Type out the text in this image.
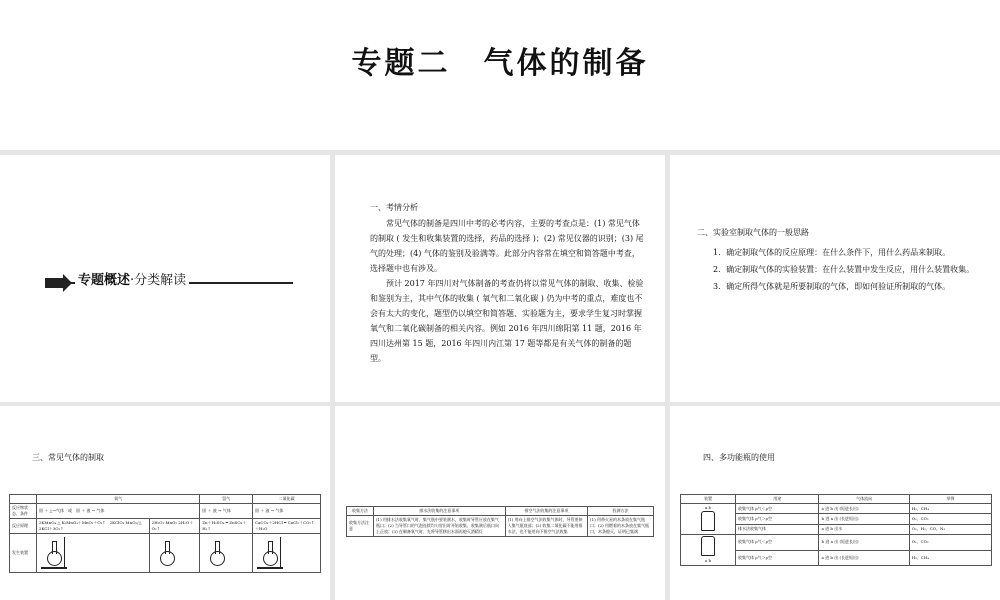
专题二　气体的制备
专题概述·分类解读
一、考情分析

常见气体的制备是四川中考的必考内容，主要的考查点是：(1) 常见气体的制取 ( 发生和收集装置的选择，药品的选择 )；(2) 常见仪器的识别；(3) 尾气的处理；(4) 气体的鉴别及验满等。此部分内容常在填空和简答题中考查，选择题中也有涉及。

预计 2017 年四川对气体制备的考查仍将以常见气体的制取、收集、检验和鉴别为主，其中气体的收集 ( 氧气和二氧化碳 ) 仍为中考的重点，难度也不会有太大的变化，题型仍以填空和简答题、实验题为主，要求学生复习时掌握氧气和二氧化碳制备的相关内容。例如 2016 年四川绵阳第 11 题，2016 年四川达州第 15 题，2016 年四川内江第 17 题等都是有关气体的制备的题型。

二、实验室制取气体的一般思路

1．确定制取气体的反应原理：在什么条件下，用什么药品来制取。

2．确定制取气体的实验装置：在什么装置中发生反应，用什么装置收集。

3．确定所得气体就是所要制取的气体，即如何验证所制取的气体。

三、常见气体的制取
	氧气		氢气	二氧化碳
反应物状态、条件	固 ＋ △→气体　或　固 ＋ 液 → 气体		固 ＋ 液 → 气体	固 ＋ 液 → 气体
反应原理	2KMnO₄ △ K₂MnO₄＋MnO₂＋O₂↑　2KClO₃ MnO₂/△ 2KCl＋3O₂↑	2H₂O₂ MnO₂ 2H₂O＋O₂↑	Zn＋H₂SO₄ ═ ZnSO₄＋H₂↑	CaCO₃＋2HCl ═ CaCl₂＋CO₂↑＋H₂O
发生装置	

收集方法	排水法收集的注意事项	排空气法收集的注意事项	验满方法
收集方法注意	(1) 用排水法收集氧气时，集气瓶中要装满水，收集时导管应放在集气瓶口；(2) 当导管口的气泡连续均匀冒出时开始收集，收集满后瓶口向上正放；(3) 在制备氧气时，先将导管移出水面再熄灭酒精灯	(1) 用向上排空气法收集气体时，导管要伸入集气瓶底部；(2) 收集二氧化碳不能用排水法，也不能用向下排空气法收集	(1) 用带火星的木条放在集气瓶口；(2) 用燃着的木条放在集气瓶口，木条熄灭，证明已集满
四、多功能瓶的使用
装置	用途	气体流向	举例
a b	收集气体 ρ气＜ρ空	a 进 b 出 (短进长出)	H₂、CH₄
	收集气体 ρ气＞ρ空	b 进 a 出 (长进短出)	O₂、CO₂
	排水法收集气体	a 进 b 出水	O₂、H₂、CO、N₂

a b	收集气体 ρ气＜ρ空	b 进 a 出 (短进长出)	O₂、CO₂
	收集气体 ρ气＞ρ空	a 进 b 出 (长进短出)	H₂、CH₄
